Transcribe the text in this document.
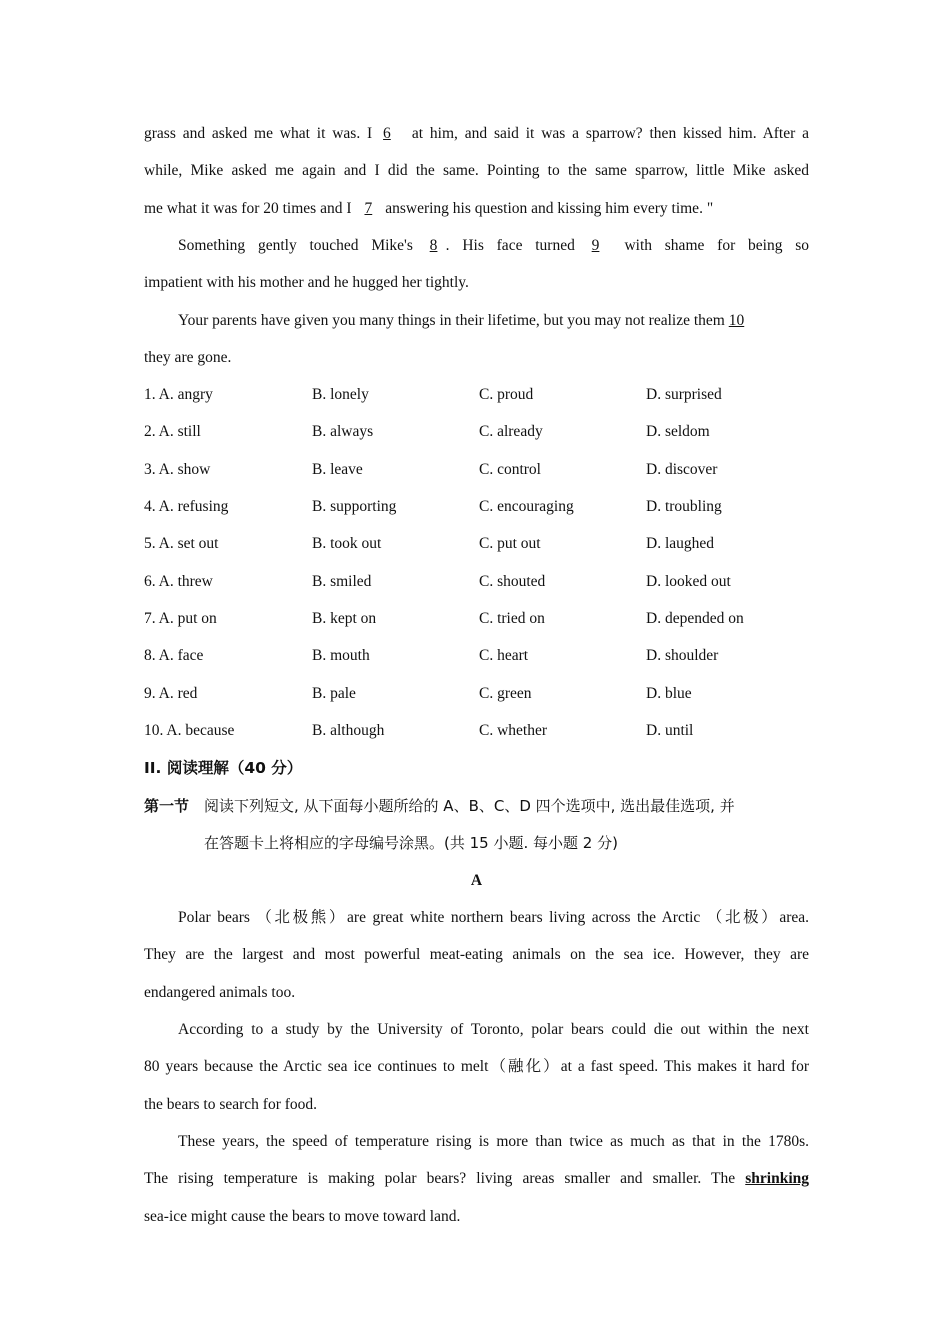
grass and asked me what it was. I 6 at him, and said it was a sparrow? then kissed him. After a
while, Mike asked me again and I did the same. Pointing to the same sparrow, little Mike asked
me what it was for 20 times and I 7 answering his question and kissing him every time. "
Something gently touched Mike's 8 . His face turned 9 with shame for being so
impatient with his mother and he hugged her tightly.
Your parents have given you many things in their lifetime, but you may not realize them 10
they are gone.
1. A. angry	B. lonely	C. proud	D. surprised
2. A. still	B. always	C. already	D. seldom
3. A. show	B. leave	C. control	D. discover
4. A. refusing	B. supporting	C. encouraging	D. troubling
5. A. set out	B. took out	C. put out	D. laughed
6. A. threw	B. smiled	C. shouted	D. looked out
7. A. put on	B. kept on	C. tried on	D. depended on
8. A. face	B. mouth	C. heart	D. shoulder
9. A. red	B. pale	C. green	D. blue
10. A. because	B. although	C. whether	D. until
II. 阅读理解（40 分）
第一节 阅读下列短文, 从下面每小题所给的 A、B、C、D 四个选项中, 选出最佳选项, 并
在答题卡上将相应的字母编号涂黑。(共 15 小题. 每小题 2 分)
A
Polar bears （北极熊）are great white northern bears living across the Arctic （北极）area.
They are the largest and most powerful meat-eating animals on the sea ice. However, they are
endangered animals too.
According to a study by the University of Toronto, polar bears could die out within the next
80 years because the Arctic sea ice continues to melt（融化）at a fast speed. This makes it hard for
the bears to search for food.
These years, the speed of temperature rising is more than twice as much as that in the 1780s.
The rising temperature is making polar bears? living areas smaller and smaller. The shrinking
sea-ice might cause the bears to move toward land.
